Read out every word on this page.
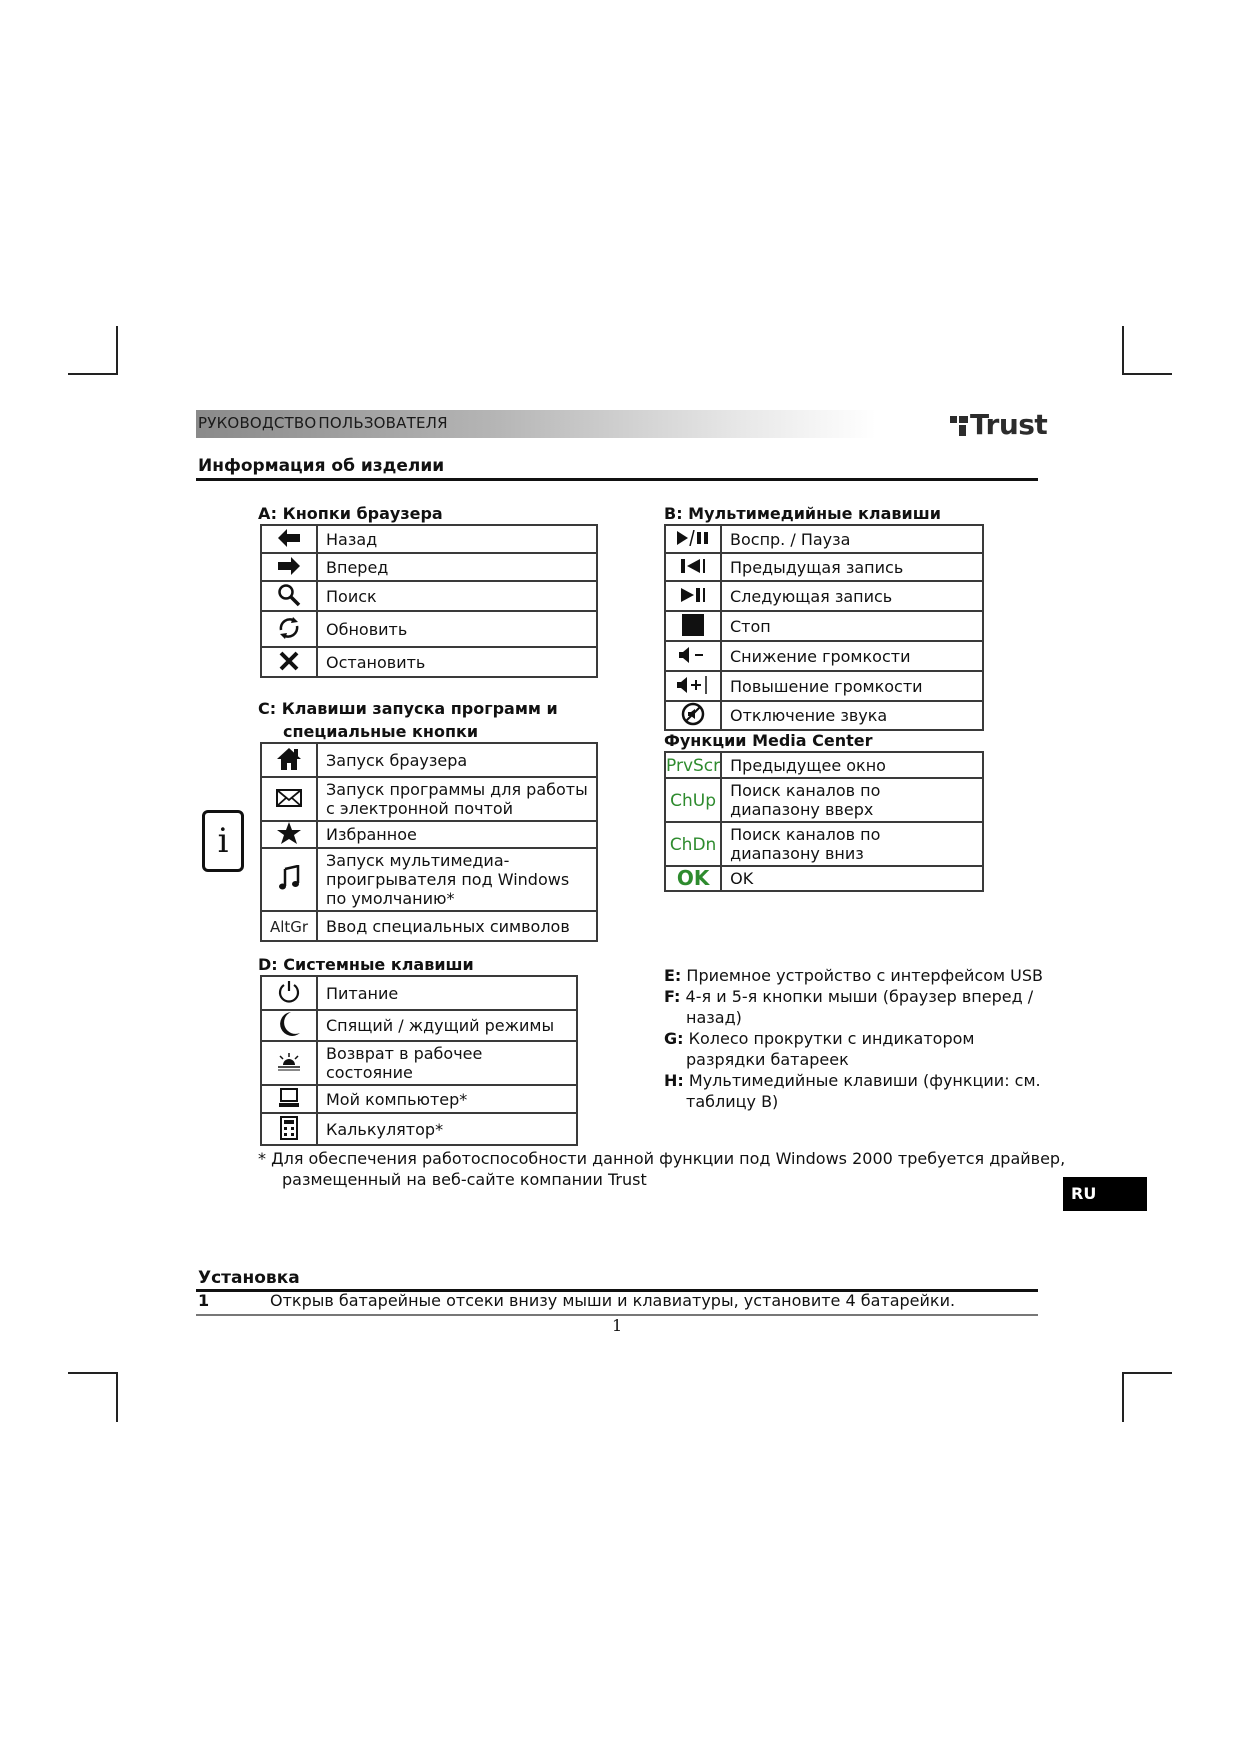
РУКОВОДСТВО ПОЛЬЗОВАТЕЛЯ	Trust
Информация об изделии
A: Кнопки браузера
	Назад
	Вперед
	Поиск
	Обновить
	Остановить
B: Мультимедийные клавиши
	Воспр. / Пауза
	Предыдущая запись
	Следующая запись
	Стоп
	Снижение громкости
	Повышение громкости
	Отключение звука
Функции Media Center
PrvScr	Предыдущее окно
ChUp	Поиск каналов по диапазону вверх
ChDn	Поиск каналов по диапазону вниз
OK	OK
C: Клавиши запуска программ и
специальные кнопки
	Запуск браузера
	Запуск программы для работы с электронной почтой
	Избранное
	Запуск мультимедиа-проигрывателя под Windows по умолчанию*
AltGr	Ввод специальных символов
i
D: Системные клавиши
	Питание
	Спящий / ждущий режимы
	Возврат в рабочее состояние
	Мой компьютер*
	Калькулятор*
E: Приемное устройство с интерфейсом USB
F: 4-я и 5-я кнопки мыши (браузер вперед /
назад)
G: Колесо прокрутки с индикатором
разрядки батареек
H: Мультимедийные клавиши (функции: см.
таблицу B)
* Для обеспечения работоспособности данной функции под Windows 2000 требуется драйвер,
размещенный на веб-сайте компании Trust
RU
Установка
1	Открыв батарейные отсеки внизу мыши и клавиатуры, установите 4 батарейки.
1
